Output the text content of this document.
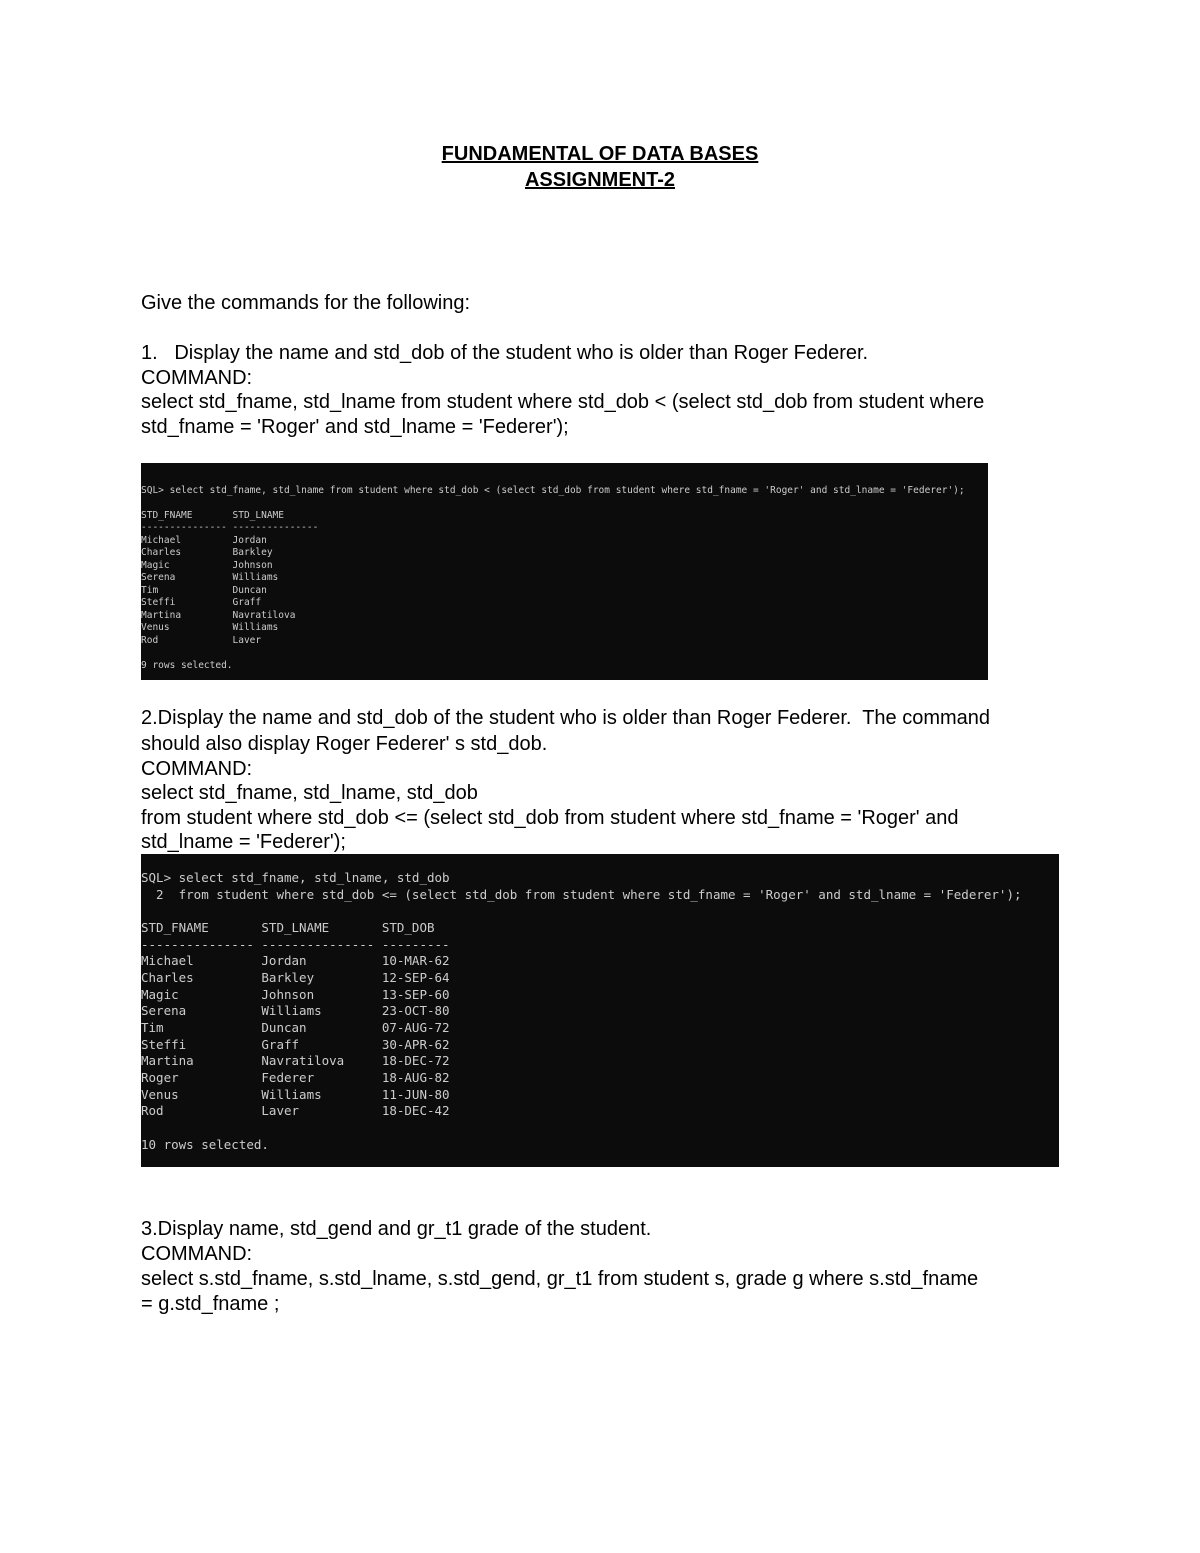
FUNDAMENTAL OF DATA BASES
ASSIGNMENT-2
Give the commands for the following:
1.   Display the name and std_dob of the student who is older than Roger Federer.
COMMAND:
select std_fname, std_lname from student where std_dob < (select std_dob from student where
std_fname = 'Roger' and std_lname = 'Federer');
SQL> select std_fname, std_lname from student where std_dob < (select std_dob from student where std_fname = 'Roger' and std_lname = 'Federer');
STD_FNAME       STD_LNAME
--------------- ---------------
Michael         Jordan
Charles         Barkley
Magic           Johnson
Serena          Williams
Tim             Duncan
Steffi          Graff
Martina         Navratilova
Venus           Williams
Rod             Laver
9 rows selected.
2.Display the name and std_dob of the student who is older than Roger Federer.  The command
should also display Roger Federer' s std_dob.
COMMAND:
select std_fname, std_lname, std_dob
from student where std_dob <= (select std_dob from student where std_fname = 'Roger' and
std_lname = 'Federer');
SQL> select std_fname, std_lname, std_dob
2  from student where std_dob <= (select std_dob from student where std_fname = 'Roger' and std_lname = 'Federer');
STD_FNAME       STD_LNAME       STD_DOB
--------------- --------------- ---------
Michael         Jordan          10-MAR-62
Charles         Barkley         12-SEP-64
Magic           Johnson         13-SEP-60
Serena          Williams        23-OCT-80
Tim             Duncan          07-AUG-72
Steffi          Graff           30-APR-62
Martina         Navratilova     18-DEC-72
Roger           Federer         18-AUG-82
Venus           Williams        11-JUN-80
Rod             Laver           18-DEC-42
10 rows selected.
3.Display name, std_gend and gr_t1 grade of the student.
COMMAND:
select s.std_fname, s.std_lname, s.std_gend, gr_t1 from student s, grade g where s.std_fname
= g.std_fname ;
